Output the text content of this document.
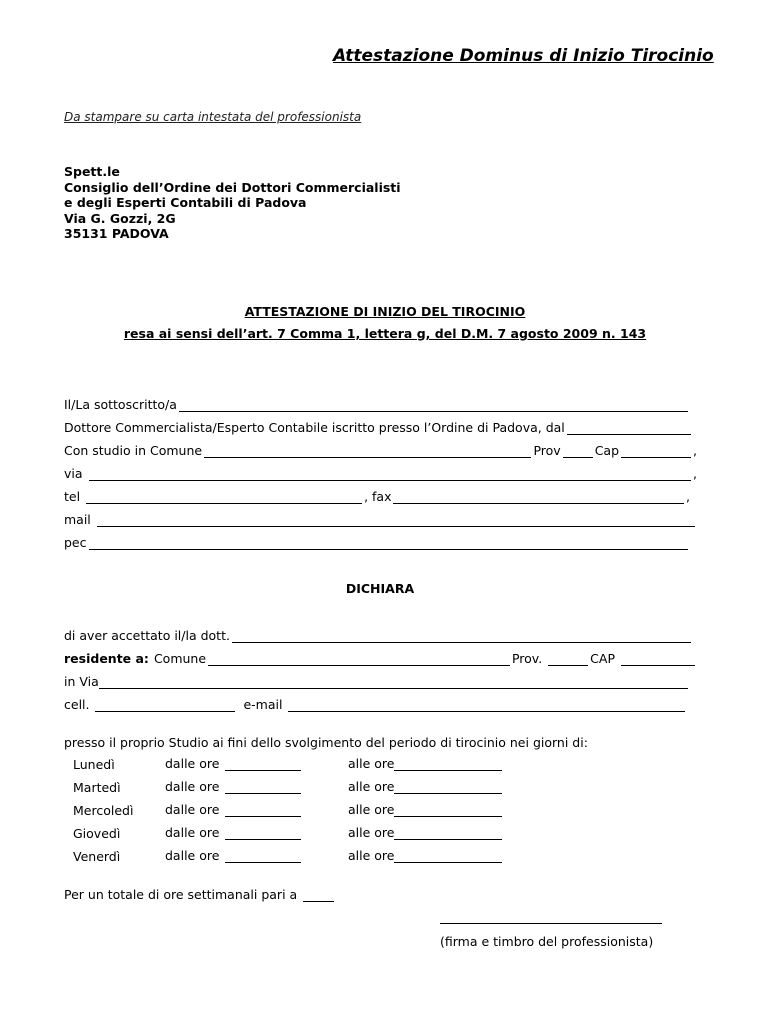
Attestazione Dominus di Inizio Tirocinio
Da stampare su carta intestata del professionista
Spett.le
Consiglio dell’Ordine dei Dottori Commercialisti
e degli Esperti Contabili di Padova
Via G. Gozzi, 2G
35131 PADOVA
ATTESTAZIONE DI INIZIO DEL TIROCINIO
resa ai sensi dell’art. 7 Comma 1, lettera g, del D.M. 7 agosto 2009 n. 143
Il/La sottoscritto/a
Dottore Commercialista/Esperto Contabile iscritto presso l’Ordine di Padova, dal
Con studio in Comune	Prov	Cap	,
via	,
tel	, fax	,
mail
pec
DICHIARA
di aver accettato il/la dott.
residente a: Comune	Prov.	CAP
in Via
cell.	e-mail
presso il proprio Studio ai fini dello svolgimento del periodo di tirocinio nei giorni di:
Lunedì	dalle ore	alle ore
Martedì	dalle ore	alle ore
Mercoledì	dalle ore	alle ore
Giovedì	dalle ore	alle ore
Venerdì	dalle ore	alle ore
Per un totale di ore settimanali pari a
(firma e timbro del professionista)
